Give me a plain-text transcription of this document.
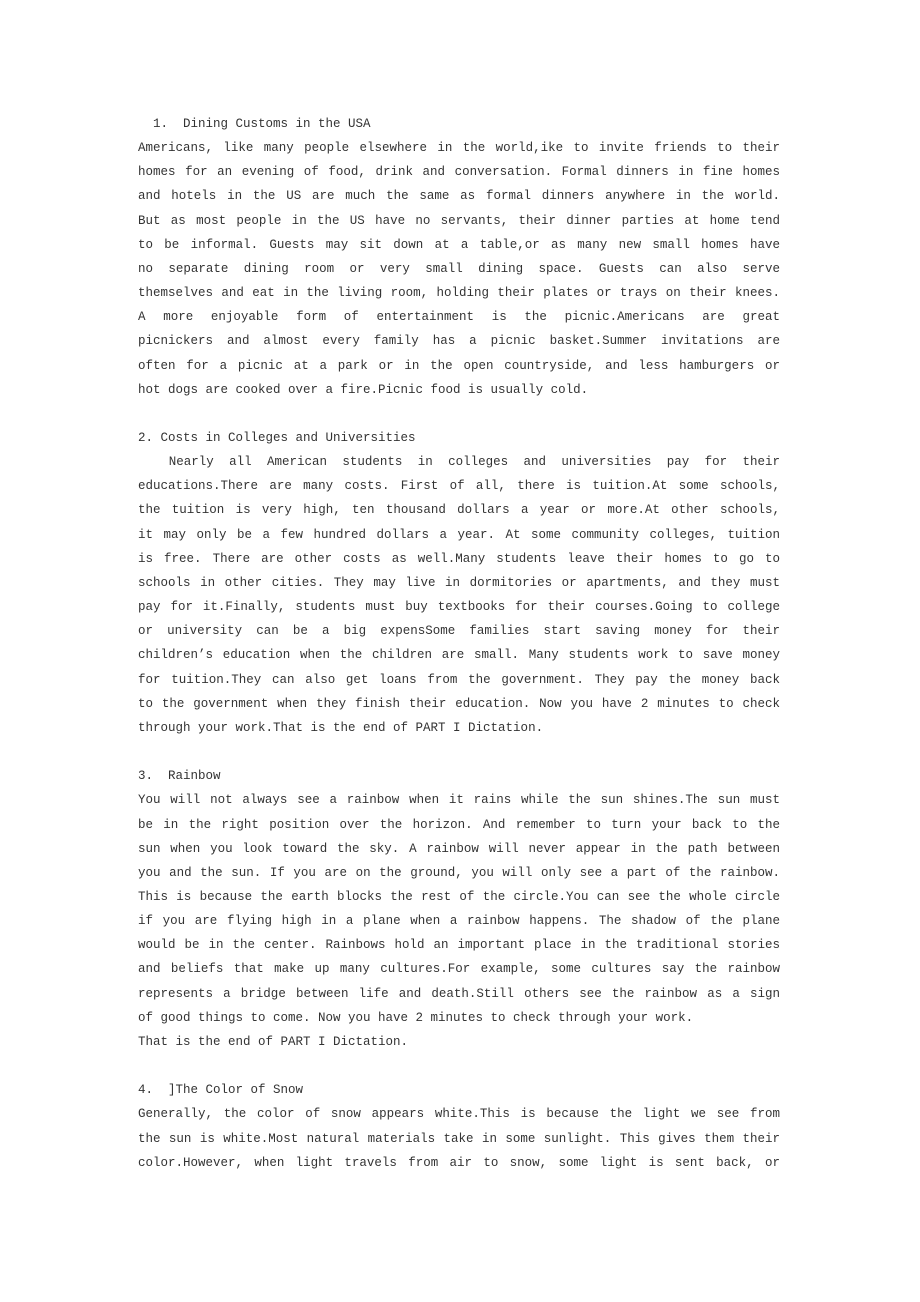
1.  Dining Customs in the USA
Americans, like many people elsewhere in the world,ike to invite friends to their
homes for an evening of food, drink and conversation. Formal dinners in fine homes
and hotels in the US are much the same as formal dinners anywhere in the world.
But as most people in the US have no servants, their dinner parties at home tend
to be informal. Guests may sit down at a table,or as many new small homes have
no separate dining room or very small dining space. Guests can also serve
themselves and eat in the living room, holding their plates or trays on their knees.
A more enjoyable form of entertainment is the picnic.Americans are great
picnickers and almost every family has a picnic basket.Summer invitations are
often for a picnic at a park or in the open countryside, and less hamburgers or
hot dogs are cooked over a fire.Picnic food is usually cold.
2. Costs in Colleges and Universities
Nearly all American students in colleges and universities pay for their
educations.There are many costs. First of all, there is tuition.At some schools,
the tuition is very high, ten thousand dollars a year or more.At other schools,
it may only be a few hundred dollars a year. At some community colleges, tuition
is free. There are other costs as well.Many students leave their homes to go to
schools in other cities. They may live in dormitories or apartments, and they must
pay for it.Finally, students must buy textbooks for their courses.Going to college
or university can be a big expensSome families start saving money for their
children’s education when the children are small. Many students work to save money
for tuition.They can also get loans from the government. They pay the money back
to the government when they finish their education. Now you have 2 minutes to check
through your work.That is the end of PART I Dictation.
3.  Rainbow
You will not always see a rainbow when it rains while the sun shines.The sun must
be in the right position over the horizon. And remember to turn your back to the
sun when you look toward the sky. A rainbow will never appear in the path between
you and the sun. If you are on the ground, you will only see a part of the rainbow.
This is because the earth blocks the rest of the circle.You can see the whole circle
if you are flying high in a plane when a rainbow happens. The shadow of the plane
would be in the center. Rainbows hold an important place in the traditional stories
and beliefs that make up many cultures.For example, some cultures say the rainbow
represents a bridge between life and death.Still others see the rainbow as a sign
of good things to come. Now you have 2 minutes to check through your work.
That is the end of PART I Dictation.
4.  ]The Color of Snow
Generally, the color of snow appears white.This is because the light we see from
the sun is white.Most natural materials take in some sunlight. This gives them their
color.However, when light travels from air to snow, some light is sent back, or
